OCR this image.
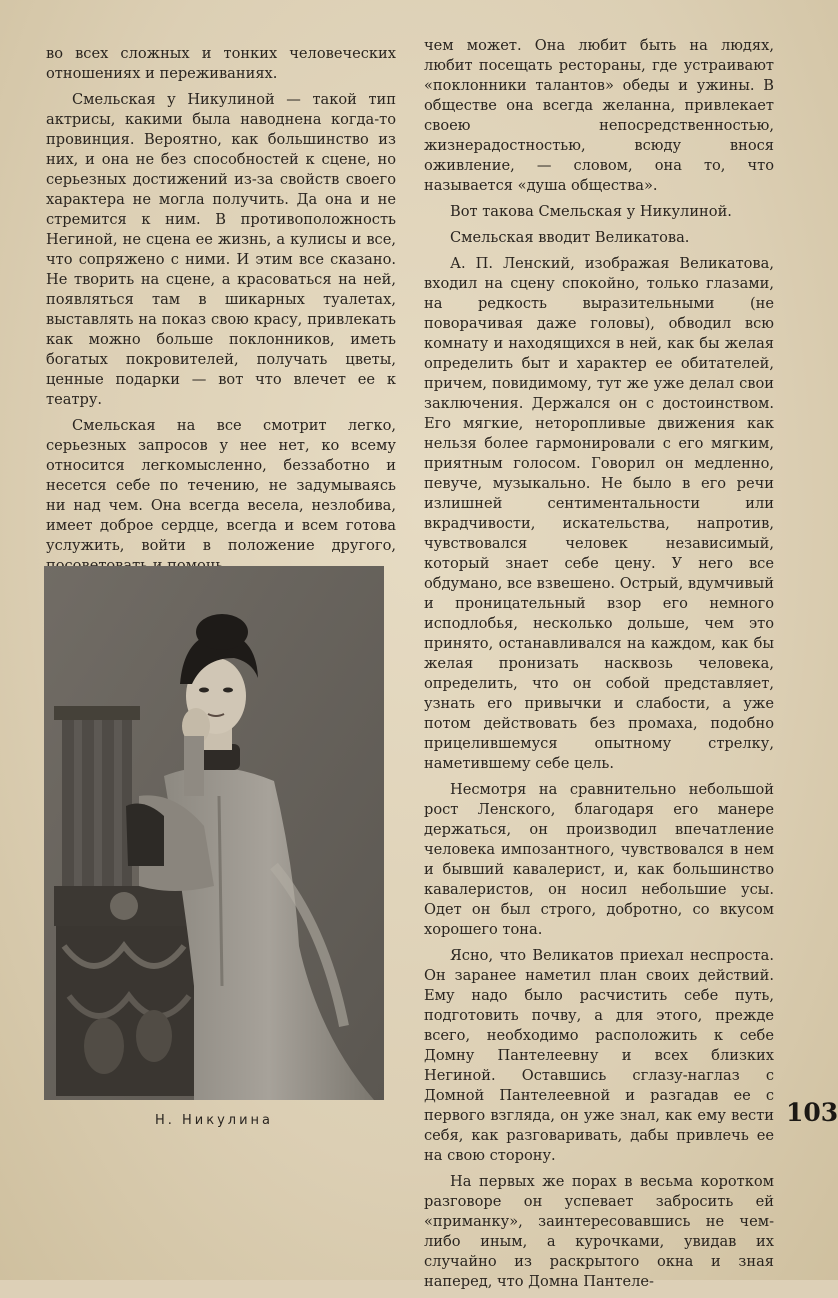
во всех сложных и тонких человеческих отношениях и переживаниях.

Смельская у Никулиной — такой тип актрисы, какими была наводнена когда-то провинция. Вероятно, как большинство из них, и она не без способностей к сцене, но серьезных достижений из-за свойств своего характера не могла получить. Да она и не стремится к ним. В противоположность Негиной, не сцена ее жизнь, а кулисы и все, что сопряжено с ними. И этим все сказано. Не творить на сцене, а красоваться на ней, появляться там в шикарных туалетах, выставлять на показ свою красу, привлекать как можно больше поклонников, иметь богатых покровителей, получать цветы, ценные подарки — вот что влечет ее к театру.

Смельская на все смотрит легко, серьезных запросов у нее нет, ко всему относится легкомысленно, беззаботно и несется себе по течению, не задумываясь ни над чем. Она всегда весела, незлобива, имеет доброе сердце, всегда и всем готова услужить, войти в положение другого,

чем может. Она любит быть на людях, любит посещать рестораны, где устраивают «поклонники талантов» обеды и ужины. В обществе она всегда желанна, привлекает своею непосредственностью, жизнерадостностью, всюду внося оживление, — словом, она то, что называется «душа общества».

Вот такова Смельская у Никулиной.

Смельская вводит Великатова.

А. П. Ленский, изображая Великатова, входил на сцену спокойно, только глазами, на редкость выразительными (не поворачивая даже головы), обводил всю комнату и находящихся в ней, как бы желая определить быт и характер ее обитателей, причем, повидимому, тут же уже делал свои заключения. Держался он с достоинством. Его мягкие, неторопливые движения как нельзя более гармонировали с его мягким, приятным голосом. Говорил он медленно, певуче, музыкально. Не было в его речи излишней сентиментальности или вкрадчивости, искательства, напротив, чувствовался человек независимый, который знает себе цену. У него все обдумано, все взвешено. Острый, вдумчивый и проницательный взор его немного исподлобья, несколько дольше, чем это принято, останавливался на каждом, как бы желая пронизать насквозь человека, определить, что он собой представляет, узнать его привычки и слабости, а уже потом действовать без промаха, подобно прицелившемуся опытному стрелку, наметившему себе цель.

Несмотря на сравнительно небольшой рост Ленского, благодаря его манере держаться, он производил впечатление человека импозантного, чувствовался в нем и бывший кавалерист, и, как большинство кавалеристов, он носил небольшие усы. Одет он был строго, добротно, со вкусом хорошего тона.

Ясно, что Великатов приехал неспроста. Он заранее наметил план своих действий. Ему надо было расчистить себе путь, подготовить почву, а для этого, прежде всего, необходимо расположить к себе Домну Пантелеевну и всех близких Негиной. Оставшись сглазу-наглаз с Домной Пантелеевной и разгадав ее с первого взгляда, он уже знал, как ему вести себя, как разговаривать, дабы привлечь ее на свою сторону.

На первых же порах в весьма коротком разговоре он успевает забросить ей «приманку», заинтересовавшись не чем-либо иным, а курочками, увидав их случайно из раскрытого окна и зная наперед, что Домна Пантеле-

Н. Никулина	103
